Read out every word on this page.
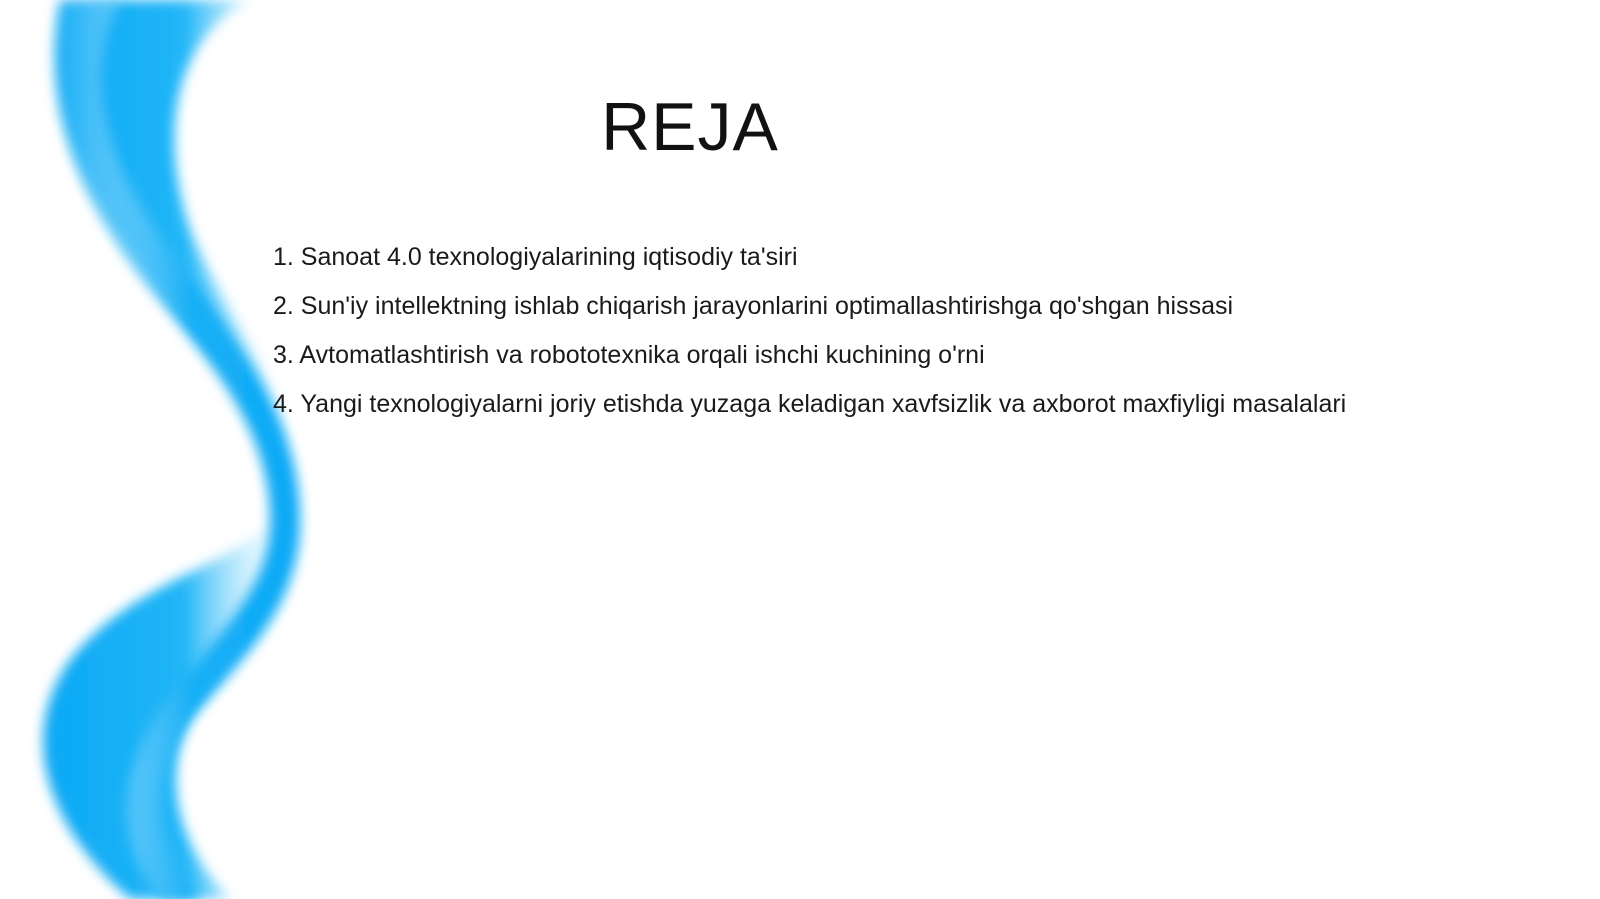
REJA
1. Sanoat 4.0 texnologiyalarining iqtisodiy ta'siri
2. Sun'iy intellektning ishlab chiqarish jarayonlarini optimallashtirishga qo'shgan hissasi
3. Avtomatlashtirish va robototexnika orqali ishchi kuchining o'rni
4. Yangi texnologiyalarni joriy etishda yuzaga keladigan xavfsizlik va axborot maxfiyligi masalalari
